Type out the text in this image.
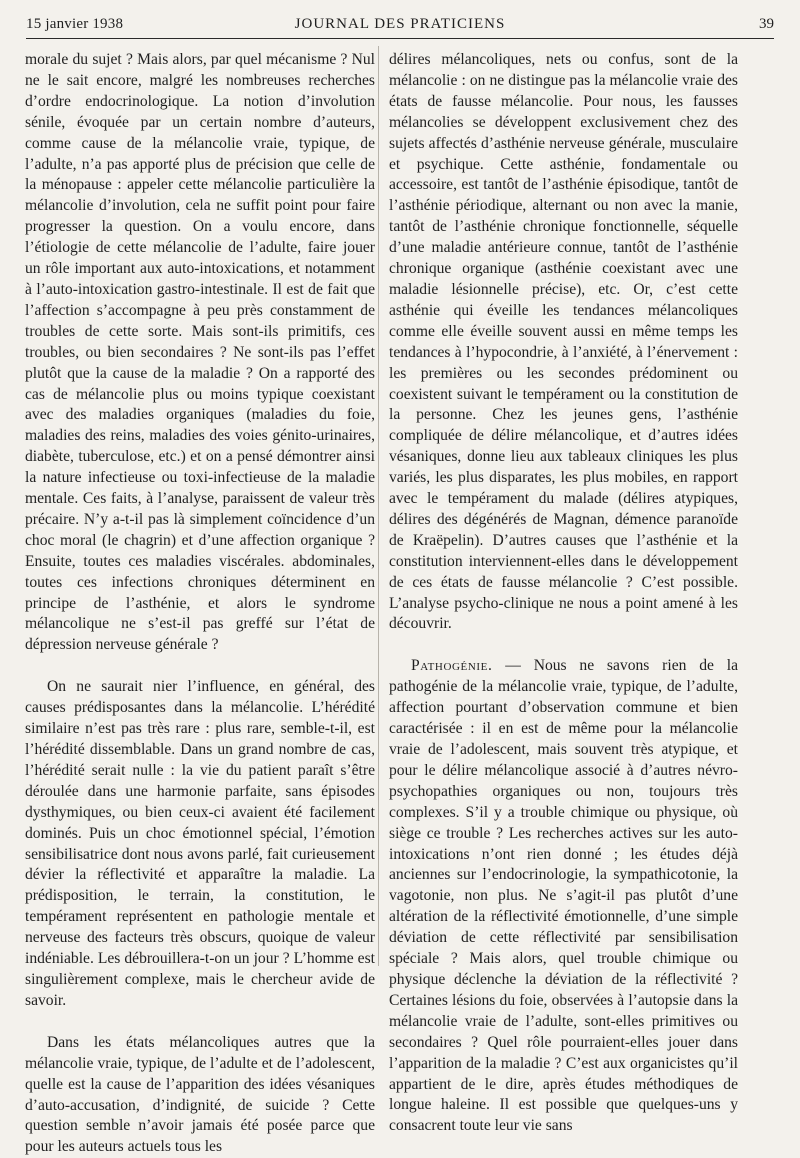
15 janvier 1938	JOURNAL DES PRATICIENS	39

morale du sujet ? Mais alors, par quel mécanisme ? Nul ne le sait encore, malgré les nombreuses recherches d’ordre endocrinologique. La notion d’involution sénile, évoquée par un certain nombre d’auteurs, comme cause de la mélancolie vraie, typique, de l’adulte, n’a pas apporté plus de précision que celle de la ménopause : appeler cette mélancolie particulière la mélancolie d’involution, cela ne suffit point pour faire progresser la question. On a voulu encore, dans l’étiologie de cette mélancolie de l’adulte, faire jouer un rôle important aux auto-intoxications, et notamment à l’auto-intoxication gastro-intestinale. Il est de fait que l’affection s’accompagne à peu près constamment de troubles de cette sorte. Mais sont-ils primitifs, ces troubles, ou bien secondaires ? Ne sont-ils pas l’effet plutôt que la cause de la maladie ? On a rapporté des cas de mélancolie plus ou moins typique coexistant avec des maladies organiques (maladies du foie, maladies des reins, maladies des voies génito-urinaires, diabète, tuberculose, etc.) et on a pensé démontrer ainsi la nature infectieuse ou toxi-infectieuse de la maladie mentale. Ces faits, à l’analyse, paraissent de valeur très précaire. N’y a-t-il pas là simplement coïncidence d’un choc moral (le chagrin) et d’une affection organique ? Ensuite, toutes ces maladies viscérales. abdominales, toutes ces infections chroniques déterminent en principe de l’asthénie, et alors le syndrome mélancolique ne s’est-il pas greffé sur l’état de dépression nerveuse générale ?

On ne saurait nier l’influence, en général, des causes prédisposantes dans la mélancolie. L’hérédité similaire n’est pas très rare : plus rare, semble-t-il, est l’hérédité dissemblable. Dans un grand nombre de cas, l’hérédité serait nulle : la vie du patient paraît s’être déroulée dans une harmonie parfaite, sans épisodes dysthymiques, ou bien ceux-ci avaient été facilement dominés. Puis un choc émotionnel spécial, l’émotion sensibilisatrice dont nous avons parlé, fait curieusement dévier la réflectivité et apparaître la maladie. La prédisposition, le terrain, la constitution, le tempérament représentent en pathologie mentale et nerveuse des facteurs très obscurs, quoique de valeur indéniable. Les débrouillera-t-on un jour ? L’homme est singulièrement complexe, mais le chercheur avide de savoir.

Dans les états mélancoliques autres que la mélancolie vraie, typique, de l’adulte et de l’adolescent, quelle est la cause de l’apparition des idées vésaniques d’auto-accusation, d’indignité, de suicide ? Cette question semble n’avoir jamais été posée parce que pour les auteurs actuels tous les

délires mélancoliques, nets ou confus, sont de la mélancolie : on ne distingue pas la mélancolie vraie des états de fausse mélancolie. Pour nous, les fausses mélancolies se développent exclusivement chez des sujets affectés d’asthénie nerveuse générale, musculaire et psychique. Cette asthénie, fondamentale ou accessoire, est tantôt de l’asthénie épisodique, tantôt de l’asthénie périodique, alternant ou non avec la manie, tantôt de l’asthénie chronique fonctionnelle, séquelle d’une maladie antérieure connue, tantôt de l’asthénie chronique organique (asthénie coexistant avec une maladie lésionnelle précise), etc. Or, c’est cette asthénie qui éveille les tendances mélancoliques comme elle éveille souvent aussi en même temps les tendances à l’hypocondrie, à l’anxiété, à l’énervement : les premières ou les secondes prédominent ou coexistent suivant le tempérament ou la constitution de la personne. Chez les jeunes gens, l’asthénie compliquée de délire mélancolique, et d’autres idées vésaniques, donne lieu aux tableaux cliniques les plus variés, les plus disparates, les plus mobiles, en rapport avec le tempérament du malade (délires atypiques, délires des dégénérés de Magnan, démence paranoïde de Kraëpelin). D’autres causes que l’asthénie et la constitution interviennent-elles dans le développement de ces états de fausse mélancolie ? C’est possible. L’analyse psycho-clinique ne nous a point amené à les découvrir.

Pathogénie. — Nous ne savons rien de la pathogénie de la mélancolie vraie, typique, de l’adulte, affection pourtant d’observation commune et bien caractérisée : il en est de même pour la mélancolie vraie de l’adolescent, mais souvent très atypique, et pour le délire mélancolique associé à d’autres névro-psychopathies organiques ou non, toujours très complexes. S’il y a trouble chimique ou physique, où siège ce trouble ? Les recherches actives sur les auto-intoxications n’ont rien donné ; les études déjà anciennes sur l’endocrinologie, la sympathicotonie, la vagotonie, non plus. Ne s’agit-il pas plutôt d’une altération de la réflectivité émotionnelle, d’une simple déviation de cette réflectivité par sensibilisation spéciale ? Mais alors, quel trouble chimique ou physique déclenche la déviation de la réflectivité ? Certaines lésions du foie, observées à l’autopsie dans la mélancolie vraie de l’adulte, sont-elles primitives ou secondaires ? Quel rôle pourraient-elles jouer dans l’apparition de la maladie ? C’est aux organicistes qu’il appartient de le dire, après études méthodiques de longue haleine. Il est possible que quelques-uns y consacrent toute leur vie sans
